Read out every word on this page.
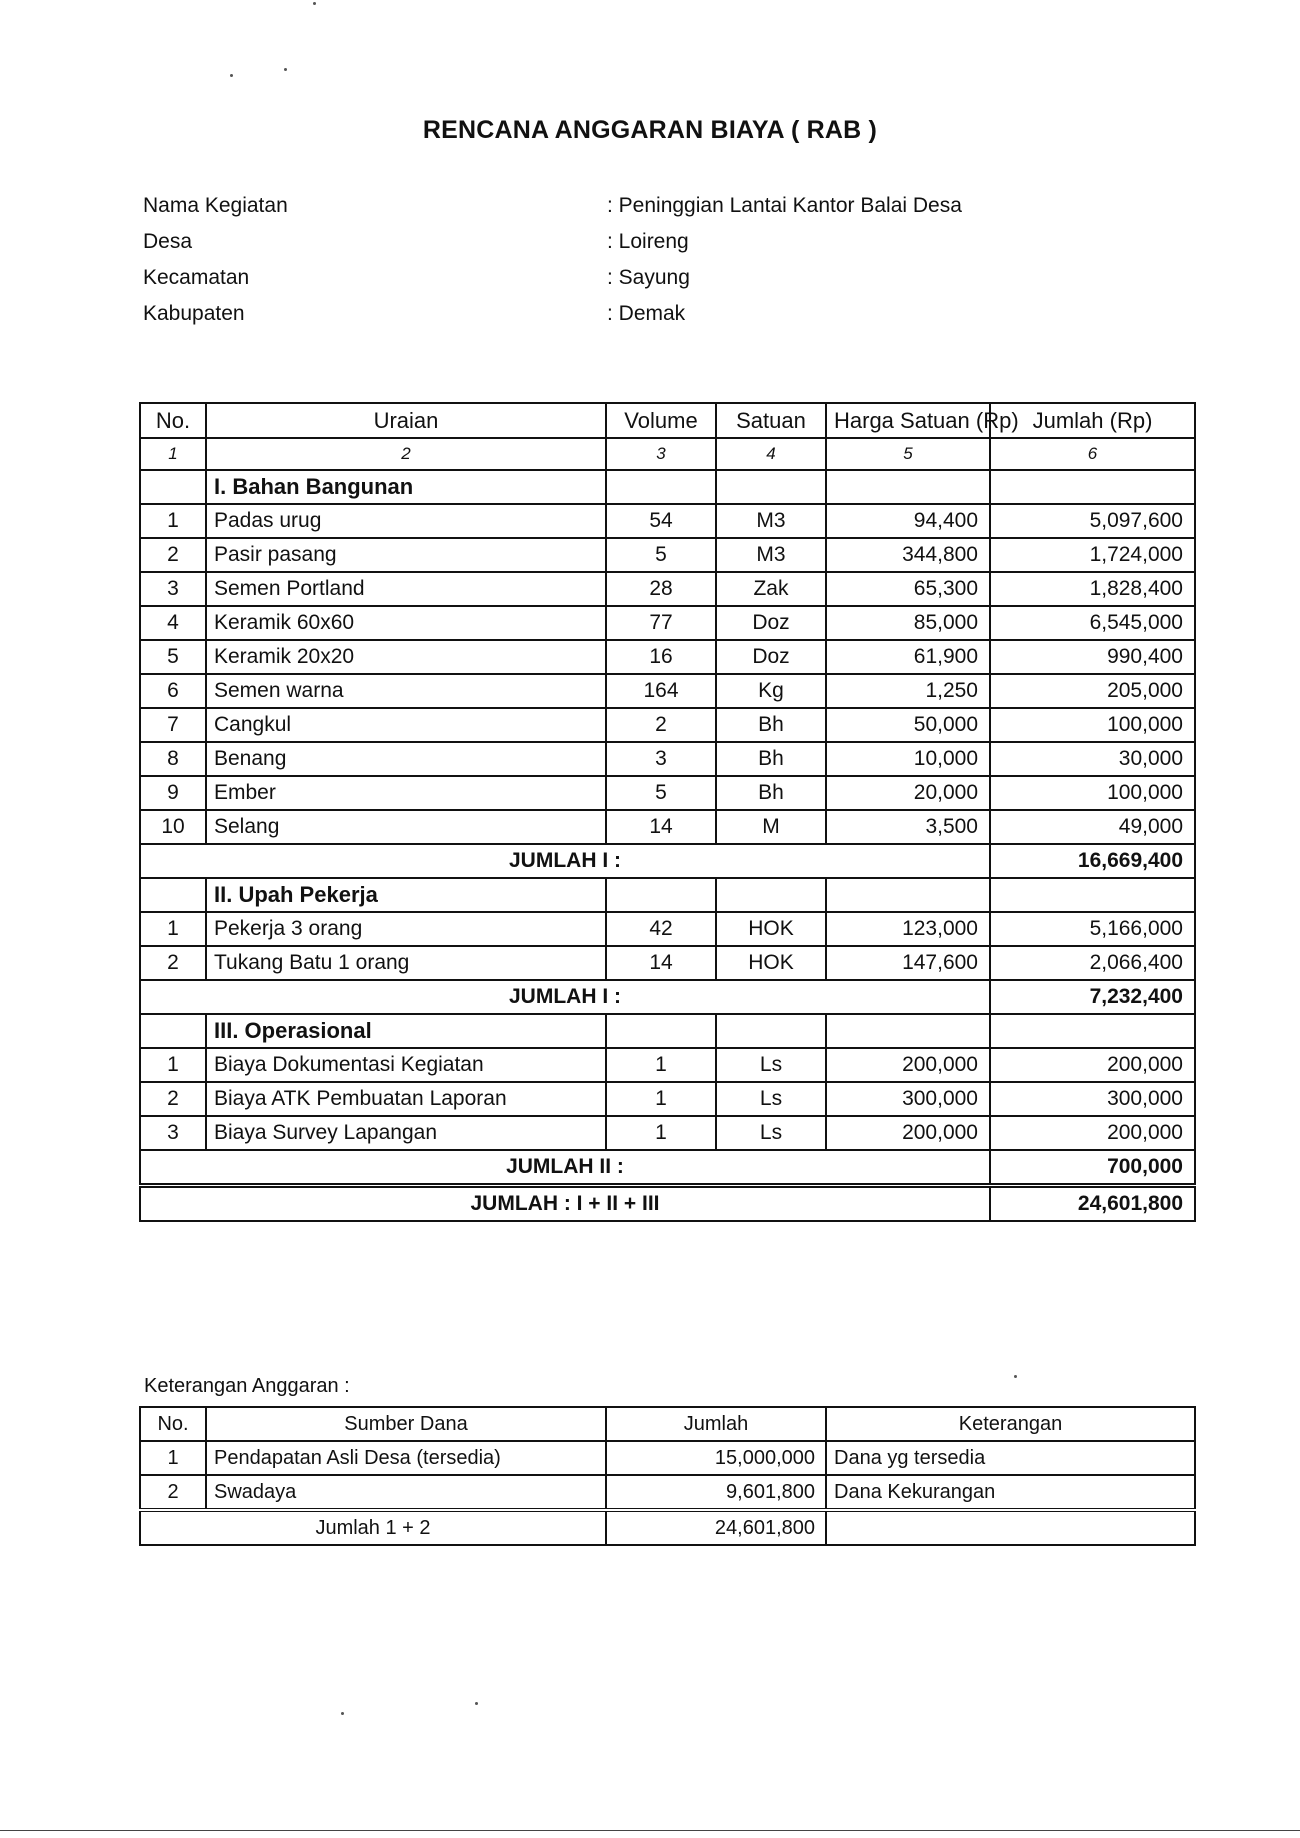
RENCANA ANGGARAN BIAYA ( RAB )
Nama Kegiatan	: Peninggian Lantai Kantor Balai Desa
Desa	: Loireng
Kecamatan	: Sayung
Kabupaten	: Demak
No.	Uraian	Volume	Satuan	Harga Satuan (Rp)	Jumlah (Rp)
1	2	3	4	5	6
	I. Bahan Bangunan				
1	Padas urug	54	M3	94,400	5,097,600
2	Pasir pasang	5	M3	344,800	1,724,000
3	Semen Portland	28	Zak	65,300	1,828,400
4	Keramik 60x60	77	Doz	85,000	6,545,000
5	Keramik 20x20	16	Doz	61,900	990,400
6	Semen warna	164	Kg	1,250	205,000
7	Cangkul	2	Bh	50,000	100,000
8	Benang	3	Bh	10,000	30,000
9	Ember	5	Bh	20,000	100,000
10	Selang	14	M	3,500	49,000
JUMLAH I :					16,669,400
	II. Upah Pekerja				
1	Pekerja 3 orang	42	HOK	123,000	5,166,000
2	Tukang Batu 1 orang	14	HOK	147,600	2,066,400
JUMLAH I :					7,232,400
	III. Operasional				
1	Biaya Dokumentasi Kegiatan	1	Ls	200,000	200,000
2	Biaya ATK Pembuatan Laporan	1	Ls	300,000	300,000
3	Biaya Survey Lapangan	1	Ls	200,000	200,000
JUMLAH II :					700,000
JUMLAH : I + II + III					24,601,800
Keterangan Anggaran :
No.	Sumber Dana	Jumlah	Keterangan
1	Pendapatan Asli Desa (tersedia)	15,000,000	Dana yg tersedia
2	Swadaya	9,601,800	Dana Kekurangan
Jumlah 1 + 2		24,601,800	
